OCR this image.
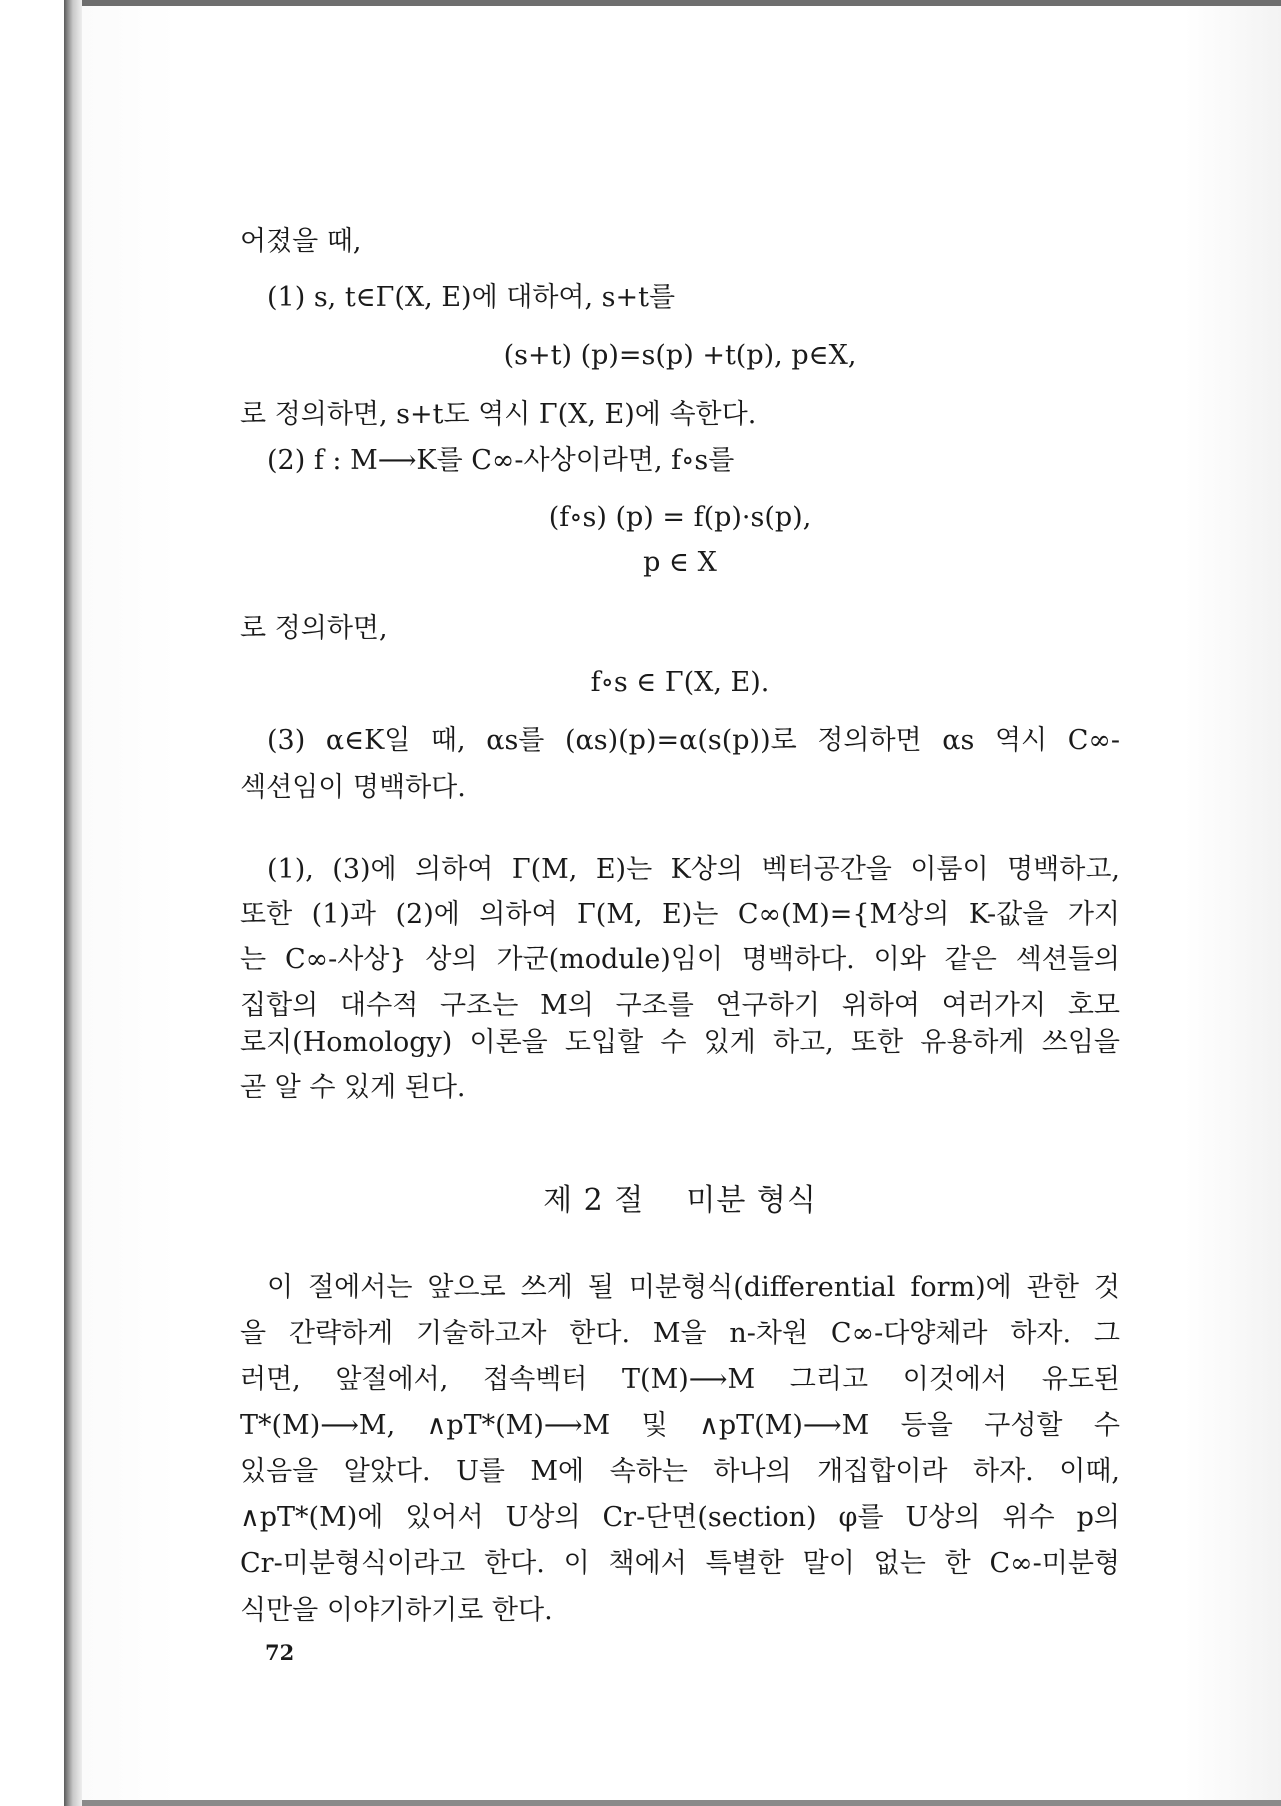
어졌을 때,
(1) s, t∈Γ(X, E)에 대하여, s+t를
(s+t) (p)=s(p) +t(p), p∈X,
로 정의하면, s+t도 역시 Γ(X, E)에 속한다.
(2) f : M⟶K를 C∞-사상이라면, f∘s를
(f∘s) (p) = f(p)·s(p),
p ∈ X
로 정의하면,
f∘s ∈ Γ(X, E).
(3) α∈K일 때, αs를 (αs)(p)=α(s(p))로 정의하면 αs 역시 C∞-
섹션임이 명백하다.
(1), (3)에 의하여 Γ(M, E)는 K상의 벡터공간을 이룸이 명백하고,
또한 (1)과 (2)에 의하여 Γ(M, E)는 C∞(M)={M상의 K-값을 가지
는 C∞-사상} 상의 가군(module)임이 명백하다. 이와 같은 섹션들의
집합의 대수적 구조는 M의 구조를 연구하기 위하여 여러가지 호모
로지(Homology) 이론을 도입할 수 있게 하고, 또한 유용하게 쓰임을
곧 알 수 있게 된다.
제 2 절    미분 형식
이 절에서는 앞으로 쓰게 될 미분형식(differential form)에 관한 것
을 간략하게 기술하고자 한다. M을 n-차원 C∞-다양체라 하자. 그
러면, 앞절에서, 접속벡터 T(M)⟶M 그리고 이것에서 유도된
T*(M)⟶M, ∧pT*(M)⟶M 및 ∧pT(M)⟶M 등을 구성할 수
있음을 알았다. U를 M에 속하는 하나의 개집합이라 하자. 이때,
∧pT*(M)에 있어서 U상의 Cr-단면(section) φ를 U상의 위수 p의
Cr-미분형식이라고 한다. 이 책에서 특별한 말이 없는 한 C∞-미분형
식만을 이야기하기로 한다.
72
